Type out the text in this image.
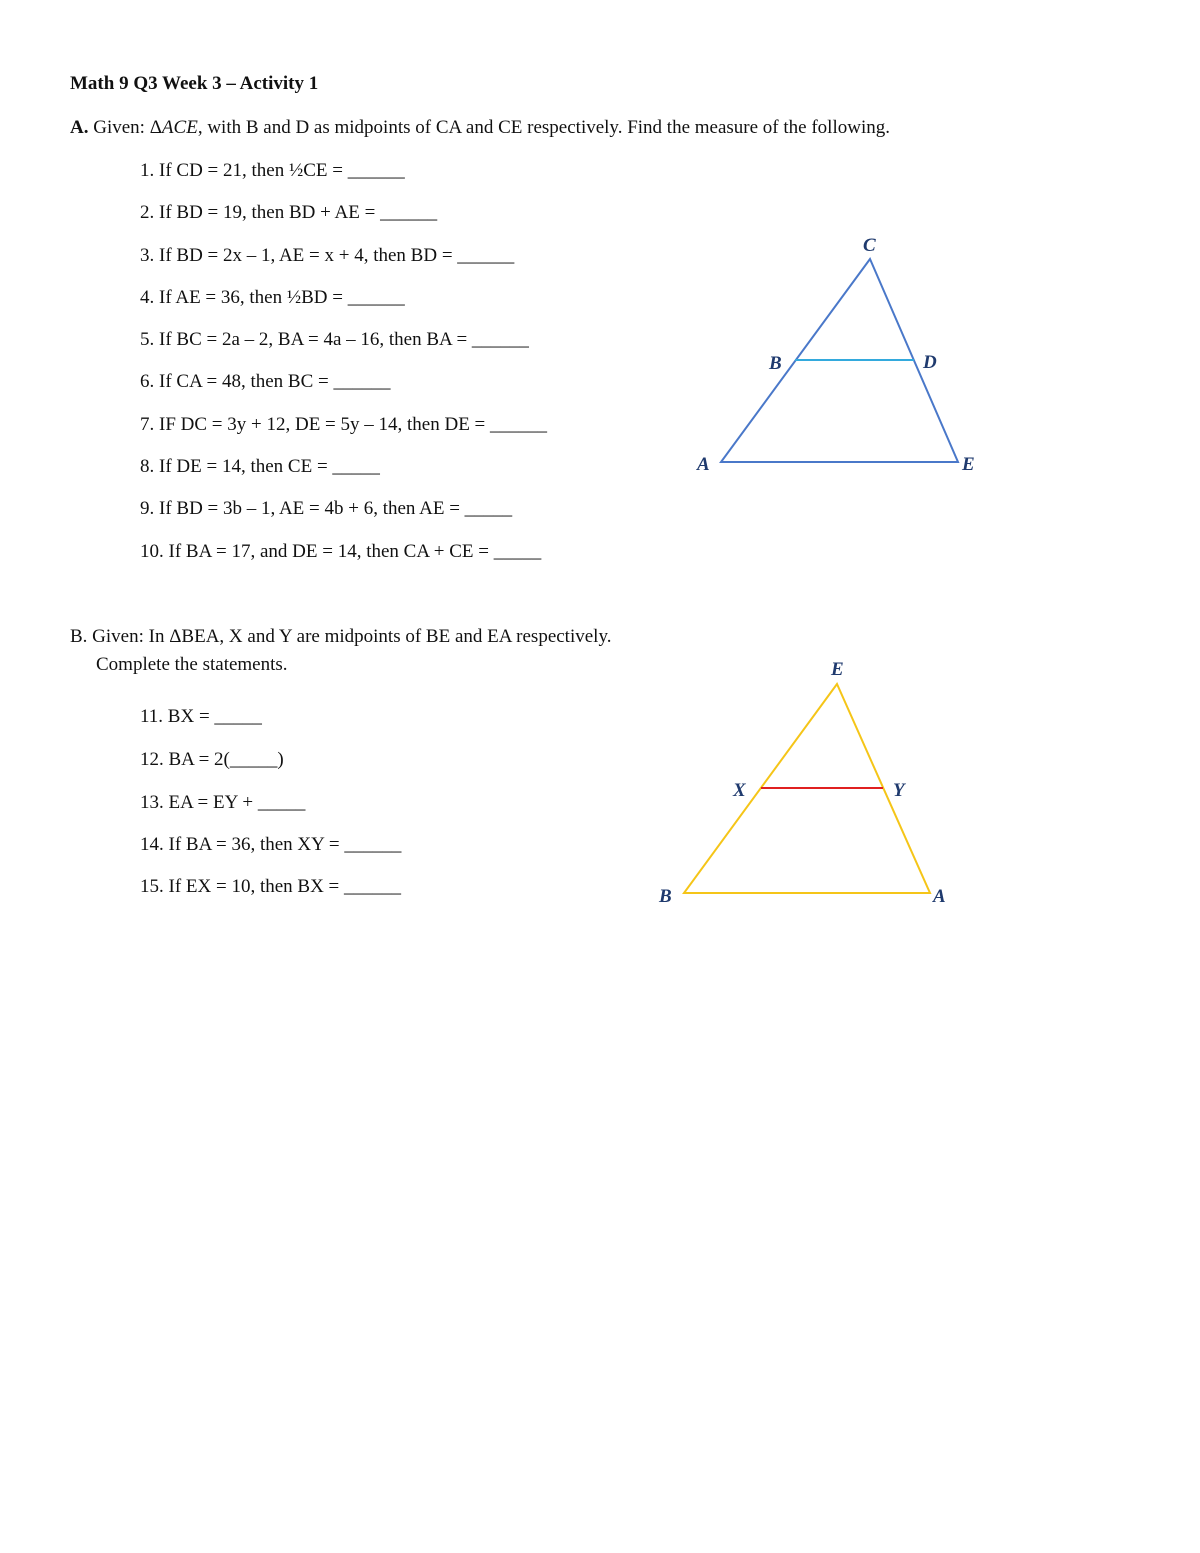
Math 9 Q3 Week 3 – Activity 1
A. Given: ΔACE, with B and D as midpoints of CA and CE respectively. Find the measure of the following.
1. If CD = 21, then ½CE = ______
2. If BD = 19, then BD + AE = ______
3. If BD = 2x – 1, AE = x + 4, then BD = ______
4. If AE = 36, then ½BD = ______
5. If BC = 2a – 2, BA = 4a – 16, then BA = ______
6. If CA = 48, then BC = ______
7. IF DC = 3y + 12, DE = 5y – 14, then DE = ______
8. If DE = 14, then CE = _____
9. If BD = 3b – 1, AE = 4b + 6, then AE = _____
10. If BA = 17, and DE = 14, then CA + CE = _____
B. Given: In ΔBEA, X and Y are midpoints of BE and EA respectively.
Complete the statements.
11. BX = _____
12. BA = 2(_____)
13. EA = EY + _____
14. If BA = 36, then XY = ______
15. If EX = 10, then BX = ______
C
B	D
A	E
E
X	Y
B	A
